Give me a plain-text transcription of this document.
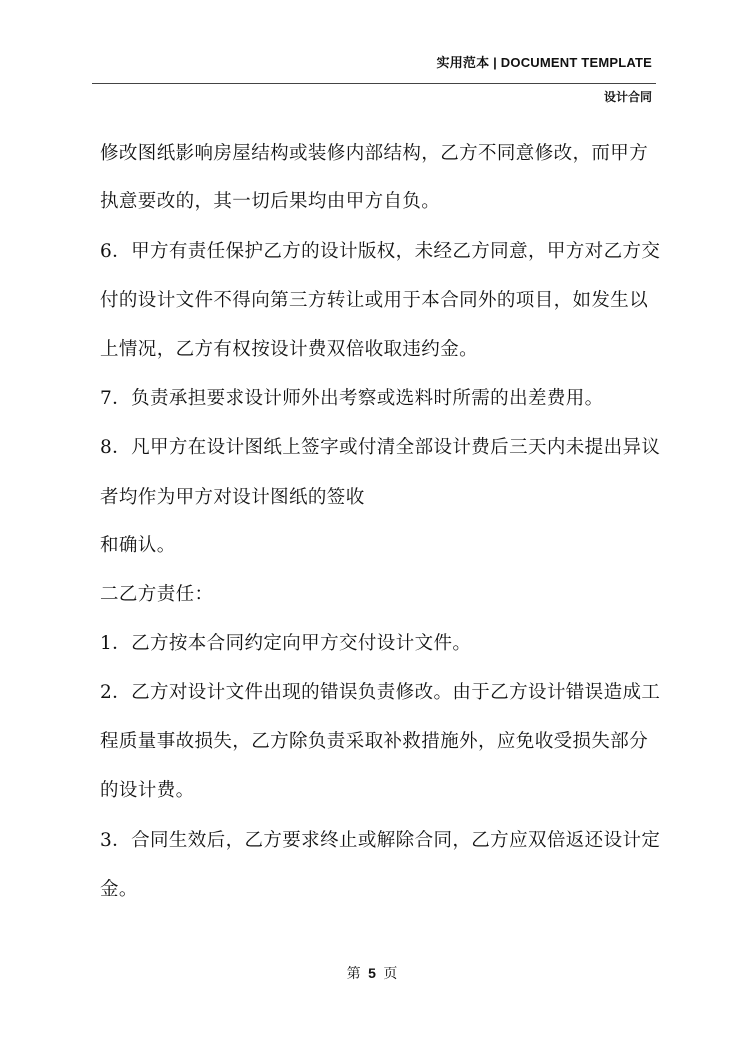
实用范本 | DOCUMENT TEMPLATE
设计合同
修改图纸影响房屋结构或装修内部结构，乙方不同意修改，而甲方
执意要改的，其一切后果均由甲方自负。
6．甲方有责任保护乙方的设计版权，未经乙方同意，甲方对乙方交
付的设计文件不得向第三方转让或用于本合同外的项目，如发生以
上情况，乙方有权按设计费双倍收取违约金。
7．负责承担要求设计师外出考察或选料时所需的出差费用。
8．凡甲方在设计图纸上签字或付清全部设计费后三天内未提出异议
者均作为甲方对设计图纸的签收
和确认。
二乙方责任：
1．乙方按本合同约定向甲方交付设计文件。
2．乙方对设计文件出现的错误负责修改。由于乙方设计错误造成工
程质量事故损失，乙方除负责采取补救措施外，应免收受损失部分
的设计费。
3．合同生效后，乙方要求终止或解除合同，乙方应双倍返还设计定
金。
第 5 页
